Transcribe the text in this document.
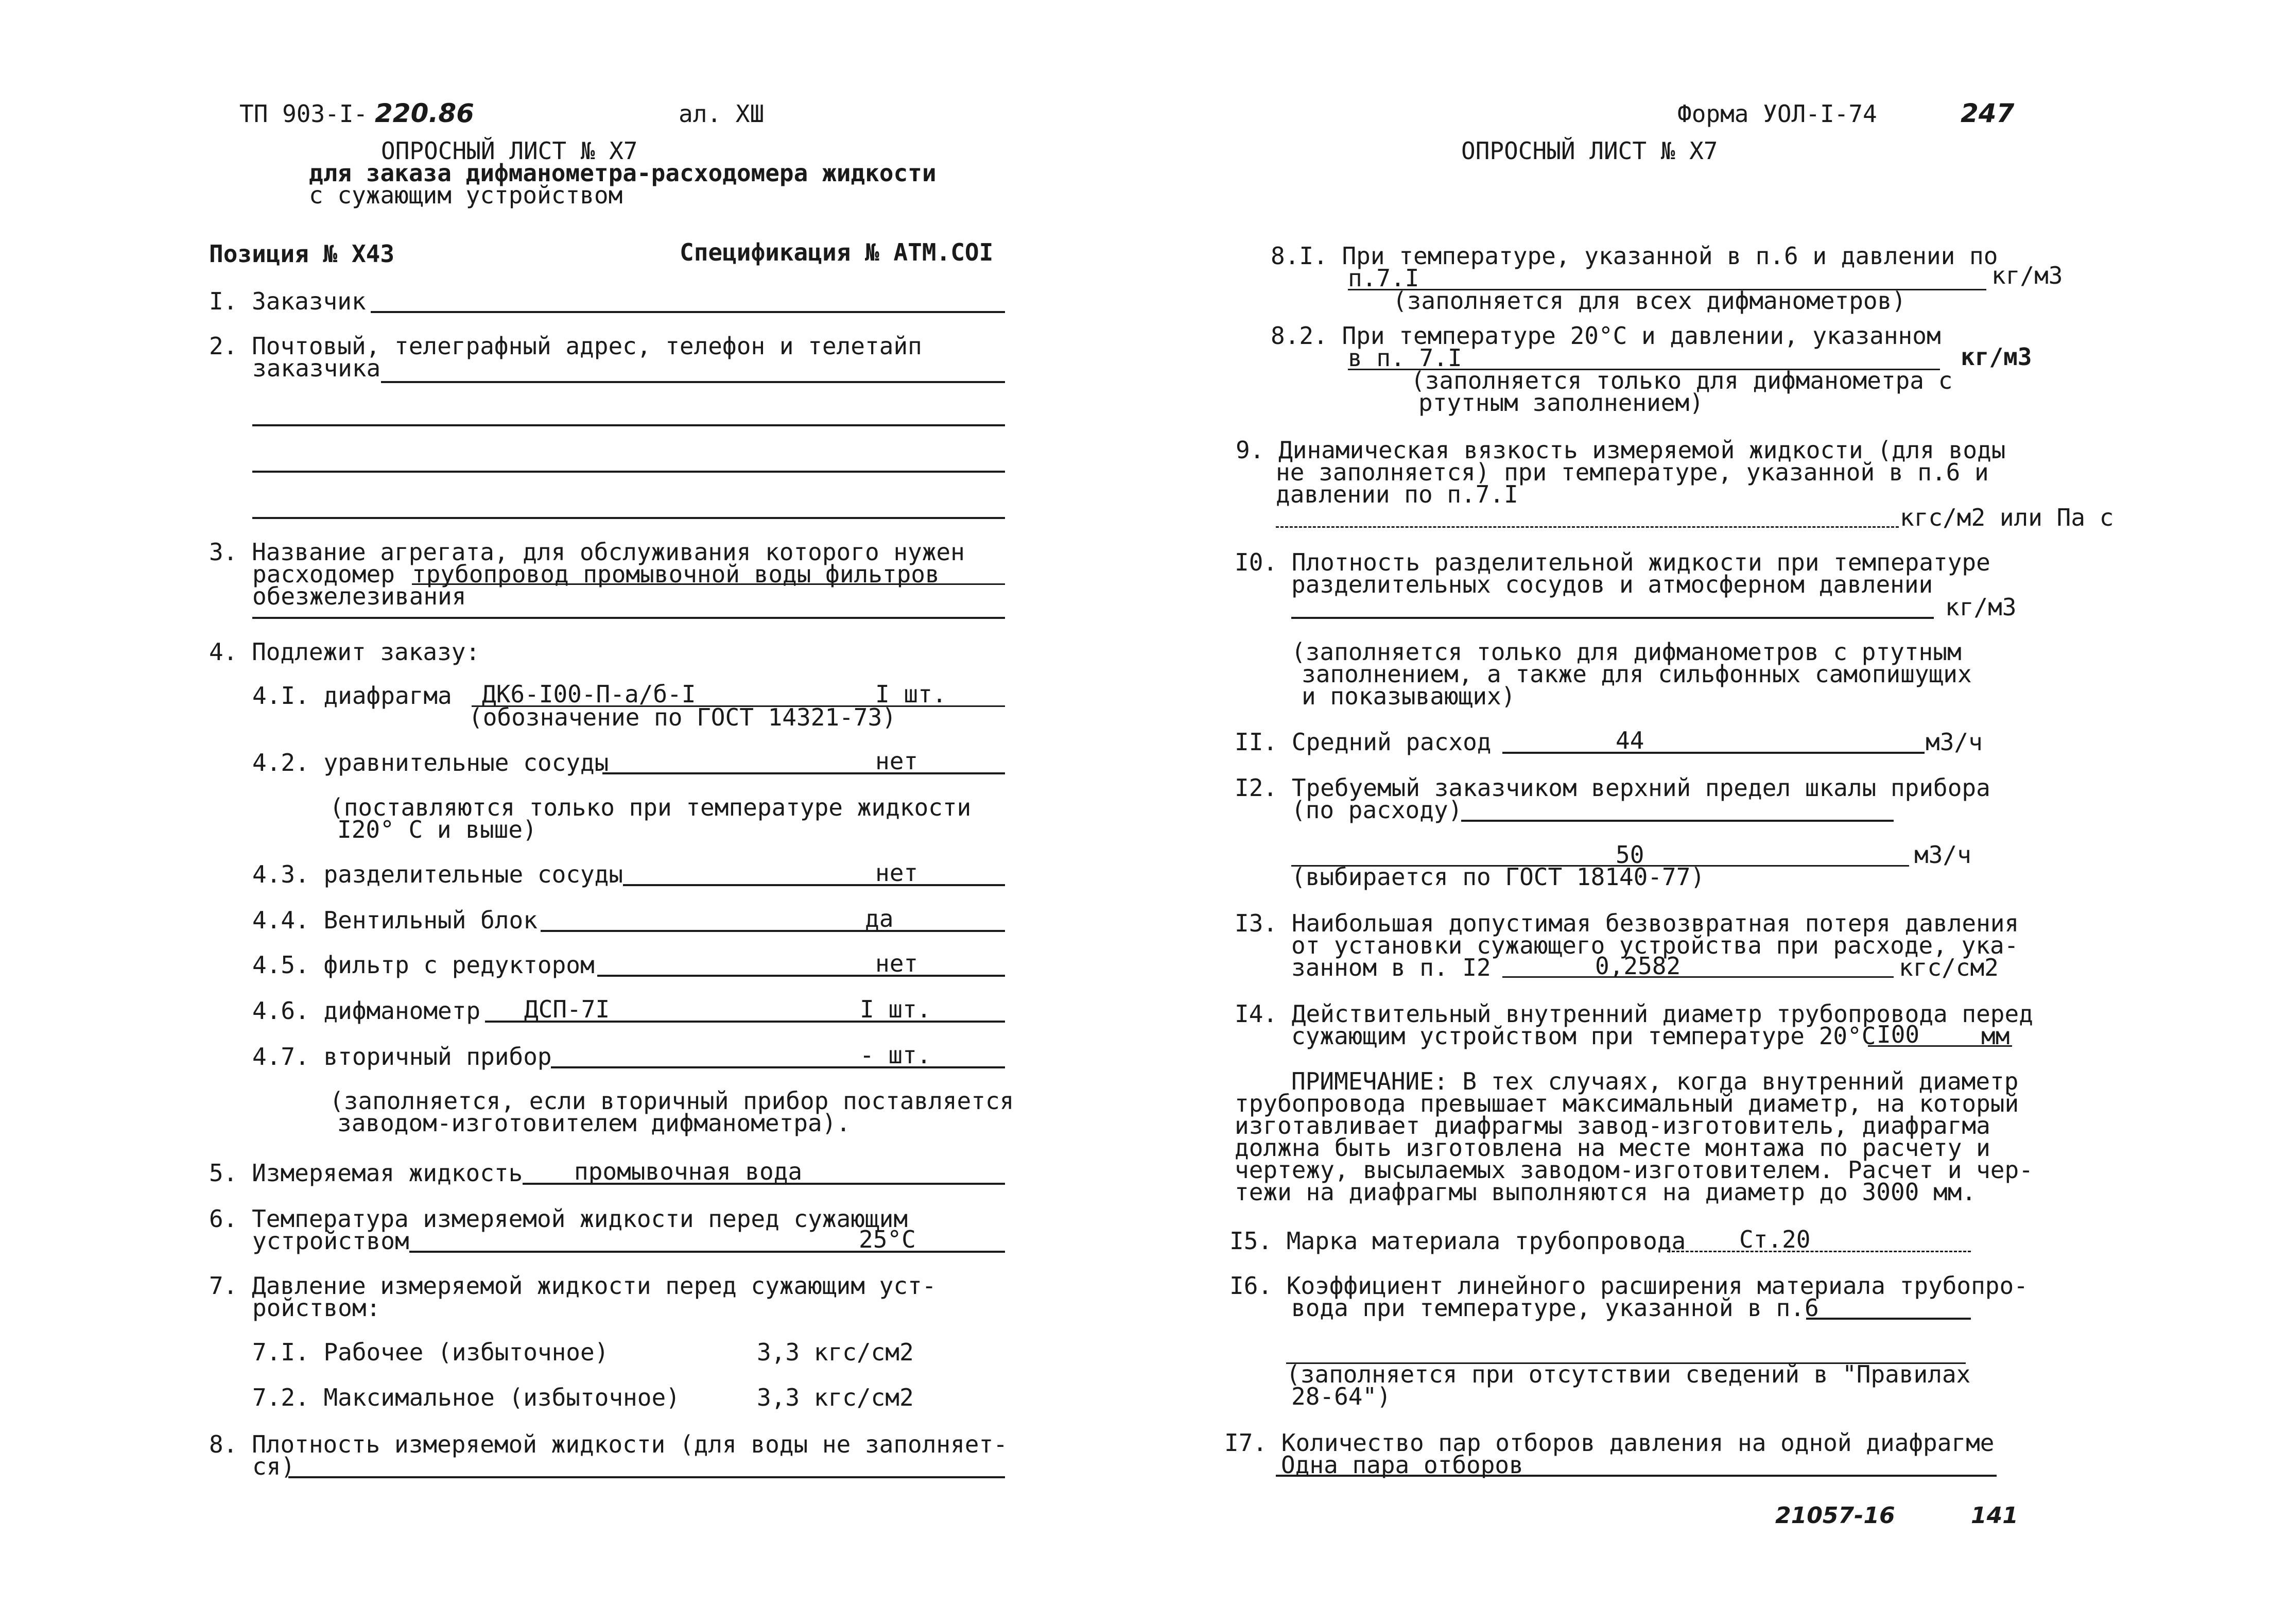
ТП 903-I- 220.86	ал. XШ
ОПРОСНЫЙ ЛИСТ № Х7
для заказа дифманометра-расходомера жидкости
с сужающим устройством
Позиция № Х43	Спецификация № АТМ.СОI
I. Заказчик
2. Почтовый, телеграфный адрес, телефон и телетайп
заказчика
3. Название агрегата, для обслуживания которого нужен
расходомер трубопровод промывочной воды фильтров
обезжелезивания
4. Подлежит заказу:
4.I. диафрагма ДК6-I00-П-а/б-I	I шт.
(обозначение по ГОСТ 14321-73)
4.2. уравнительные сосуды	нет
(поставляются только при температуре жидкости
I20° С и выше)
4.3. разделительные сосуды	нет
4.4. Вентильный блок	да
4.5. фильтр с редуктором	нет
4.6. дифманометр ДСП-7I	I шт.
4.7. вторичный прибор	- шт.
(заполняется, если вторичный прибор поставляется
заводом-изготовителем дифманометра).
5. Измеряемая жидкость промывочная вода
6. Температура измеряемой жидкости перед сужающим
устройством	25°С
7. Давление измеряемой жидкости перед сужающим уст-
ройством:
7.I. Рабочее (избыточное)	3,3 кгс/см2
7.2. Максимальное (избыточное)	3,3 кгс/см2
8. Плотность измеряемой жидкости (для воды не заполняет-
ся)
Форма УОЛ-I-74	247
ОПРОСНЫЙ ЛИСТ № Х7
8.I. При температуре, указанной в п.6 и давлении по
п.7.I	кг/м3
(заполняется для всех дифманометров)
8.2. При температуре 20°С и давлении, указанном
в п. 7.I	кг/м3
(заполняется только для дифманометра с
ртутным заполнением)
9. Динамическая вязкость измеряемой жидкости (для воды
не заполняется) при температуре, указанной в п.6 и
давлении по п.7.I
кгс/м2 или Па с
I0. Плотность разделительной жидкости при температуре
разделительных сосудов и атмосферном давлении
кг/м3
(заполняется только для дифманометров с ртутным
заполнением, а также для сильфонных самопишущих
и показывающих)
II. Средний расход	44	м3/ч
I2. Требуемый заказчиком верхний предел шкалы прибора
(по расходу)
50	м3/ч
(выбирается по ГОСТ 18140-77)
I3. Наибольшая допустимая безвозвратная потеря давления
от установки сужающего устройства при расходе, ука-
занном в п. I2	0,2582	кгс/см2
I4. Действительный внутренний диаметр трубопровода перед
сужающим устройством при температуре 20°С I00	мм
ПРИМЕЧАНИЕ: В тех случаях, когда внутренний диаметр
трубопровода превышает максимальный диаметр, на который
изготавливает диафрагмы завод-изготовитель, диафрагма
должна быть изготовлена на месте монтажа по расчету и
чертежу, высылаемых заводом-изготовителем. Расчет и чер-
тежи на диафрагмы выполняются на диаметр до 3000 мм.
I5. Марка материала трубопровода Ст.20
I6. Коэффициент линейного расширения материала трубопро-
вода при температуре, указанной в п.6
(заполняется при отсутствии сведений в "Правилах
28-64")
I7. Количество пар отборов давления на одной диафрагме
Одна пара отборов
21057-16	141
